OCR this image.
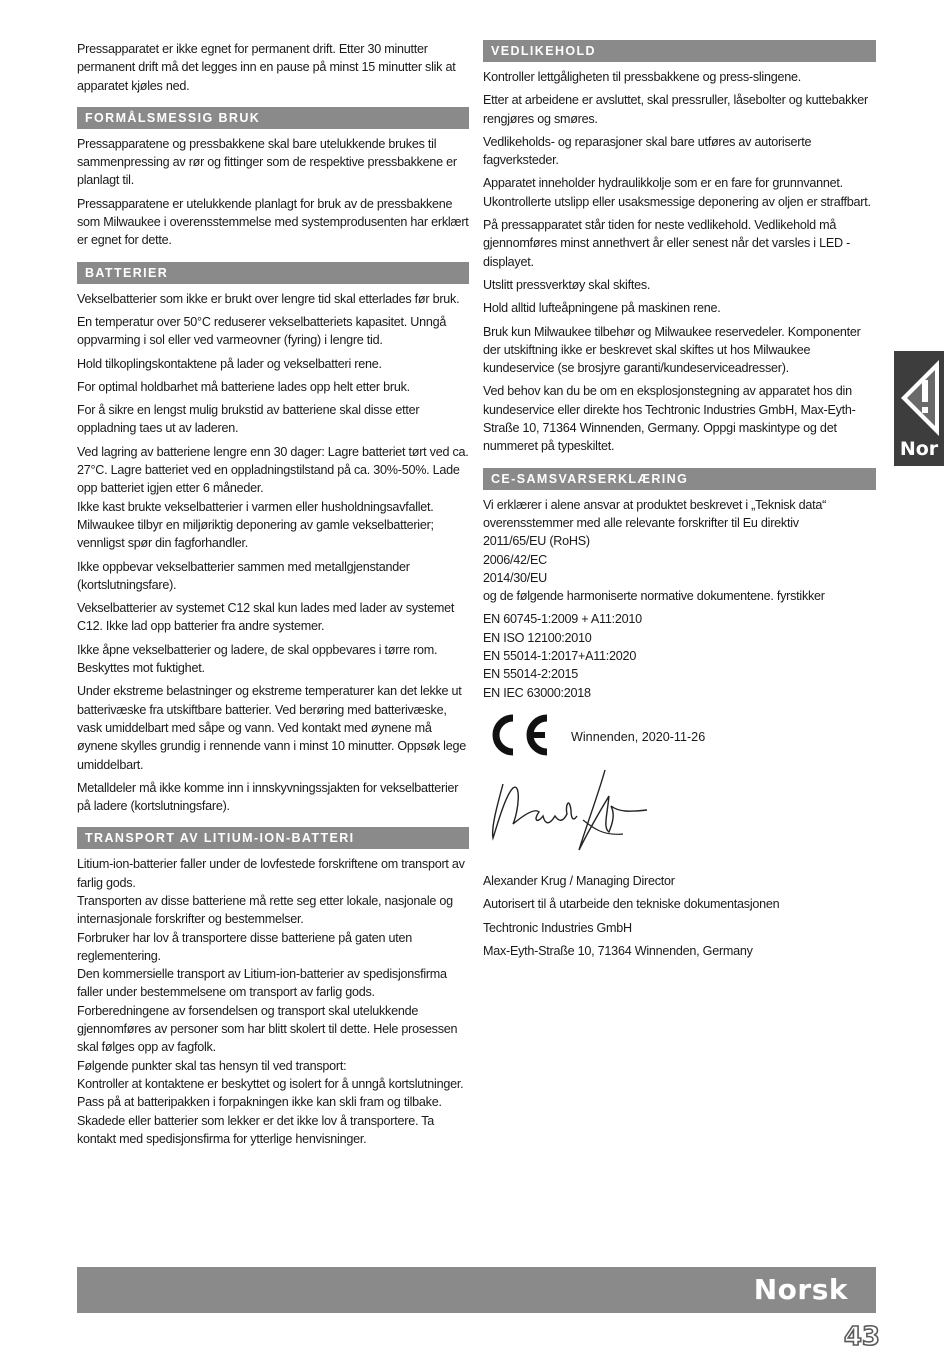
Pressapparatet er ikke egnet for permanent drift. Etter 30 minutter permanent drift må det legges inn en pause på minst 15 minutter slik at apparatet kjøles ned.

FORMÅLSMESSIG BRUK

Pressapparatene og pressbakkene skal bare utelukkende brukes til sammenpressing av rør og fittinger som de respektive pressbakkene er planlagt til.

Pressapparatene er utelukkende planlagt for bruk av de pressbakkene som Milwaukee i overensstemmelse med systemprodusenten har erklært er egnet for dette.

BATTERIER

Vekselbatterier som ikke er brukt over lengre tid skal etterlades før bruk.

En temperatur over 50°C reduserer vekselbatteriets kapasitet. Unngå oppvarming i sol eller ved varmeovner (fyring) i lengre tid.

Hold tilkoplingskontaktene på lader og vekselbatteri rene.

For optimal holdbarhet må batteriene lades opp helt etter bruk.

For å sikre en lengst mulig brukstid av batteriene skal disse etter oppladning taes ut av laderen.

Ved lagring av batteriene lengre enn 30 dager: Lagre batteriet tørt ved ca. 27°C. Lagre batteriet ved en oppladningstilstand på ca. 30%-50%. Lade opp batteriet igjen etter 6 måneder.

Ikke kast brukte vekselbatterier i varmen eller husholdningsavfallet. Milwaukee tilbyr en miljøriktig deponering av gamle vekselbatterier; vennligst spør din fagforhandler.

Ikke oppbevar vekselbatterier sammen med metallgjenstander (kortslutningsfare).

Vekselbatterier av systemet C12 skal kun lades med lader av systemet C12. Ikke lad opp batterier fra andre systemer.

Ikke åpne vekselbatterier og ladere, de skal oppbevares i tørre rom. Beskyttes mot fuktighet.

Under ekstreme belastninger og ekstreme temperaturer kan det lekke ut batterivæske fra utskiftbare batterier. Ved berøring med batterivæske, vask umiddelbart med såpe og vann. Ved kontakt med øynene må øynene skylles grundig i rennende vann i minst 10 minutter. Oppsøk lege umiddelbart.

Metalldeler må ikke komme inn i innskyvningssjakten for vekselbatterier på ladere (kortslutningsfare).

TRANSPORT AV LITIUM-ION-BATTERI

Litium-ion-batterier faller under de lovfestede forskriftene om transport av farlig gods.

Transporten av disse batteriene må rette seg etter lokale, nasjonale og internasjonale forskrifter og bestemmelser.

Forbruker har lov å transportere disse batteriene på gaten uten reglementering.

Den kommersielle transport av Litium-ion-batterier av spedisjonsfirma faller under bestemmelsene om transport av farlig gods. Forberedningene av forsendelsen og transport skal utelukkende gjennomføres av personer som har blitt skolert til dette. Hele prosessen skal følges opp av fagfolk.

Følgende punkter skal tas hensyn til ved transport:

Kontroller at kontaktene er beskyttet og isolert for å unngå kortslutninger. Pass på at batteripakken i forpakningen ikke kan skli fram og tilbake. Skadede eller batterier som lekker er det ikke lov å transportere. Ta kontakt med spedisjonsfirma for ytterlige henvisninger.

VEDLIKEHOLD

Kontroller lettgåligheten til pressbakkene og press-slingene.

Etter at arbeidene er avsluttet, skal pressruller, låsebolter og kuttebakker rengjøres og smøres.

Vedlikeholds- og reparasjoner skal bare utføres av autoriserte fagverksteder.

Apparatet inneholder hydraulikkolje som er en fare for grunnvannet. Ukontrollerte utslipp eller usaksmessige deponering av oljen er straffbart.

På pressapparatet står tiden for neste vedlikehold. Vedlikehold må gjennomføres minst annethvert år eller senest når det varsles i LED - displayet.

Utslitt pressverktøy skal skiftes.

Hold alltid lufteåpningene på maskinen rene.

Bruk kun Milwaukee tilbehør og Milwaukee reservedeler. Komponenter der utskiftning ikke er beskrevet skal skiftes ut hos Milwaukee kundeservice (se brosjyre garanti/kundeserviceadresser).

Ved behov kan du be om en eksplosjonstegning av apparatet hos din kundeservice eller direkte hos Techtronic Industries GmbH, Max-Eyth-Straße 10, 71364 Winnenden, Germany. Oppgi maskintype og det nummeret på typeskiltet.

CE-SAMSVARSERKLÆRING

Vi erklærer i alene ansvar at produktet beskrevet i „Teknisk data“ overensstemmer med alle relevante forskrifter til Eu direktiv

2011/65/EU (RoHS)

2006/42/EC

2014/30/EU

og de følgende harmoniserte normative dokumentene. fyrstikker

EN 60745-1:2009 + A11:2010

EN ISO 12100:2010

EN 55014-1:2017+A11:2020

EN 55014-2:2015

EN IEC 63000:2018

Winnenden, 2020-11-26

Alexander Krug / Managing Director

Autorisert til å utarbeide den tekniske dokumentasjonen

Techtronic Industries GmbH

Max-Eyth-Straße 10, 71364 Winnenden, Germany

Nor
Norsk
43
